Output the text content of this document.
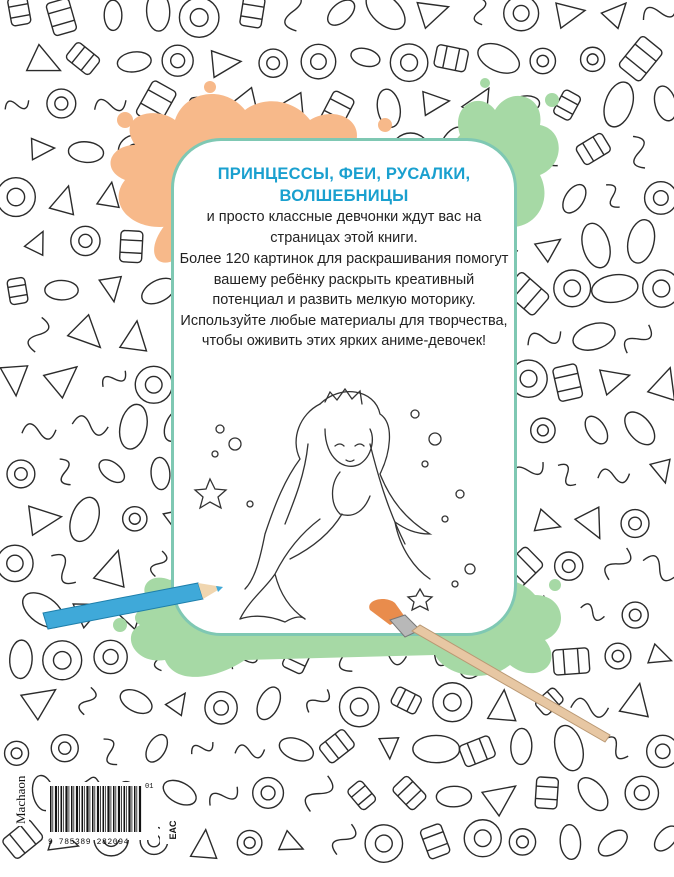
ПРИНЦЕССЫ, ФЕИ, РУСАЛКИ, ВОЛШЕБНИЦЫ
и просто классные девчонки ждут вас на страницах этой книги.
Более 120 картинок для раскрашивания помогут вашему ребёнку раскрыть креативный потенциал и развить мелкую моторику. Используйте любые материалы для творчества, чтобы оживить этих ярких аниме-девочек!
01
9 785389 282094
Machaon
EAC
